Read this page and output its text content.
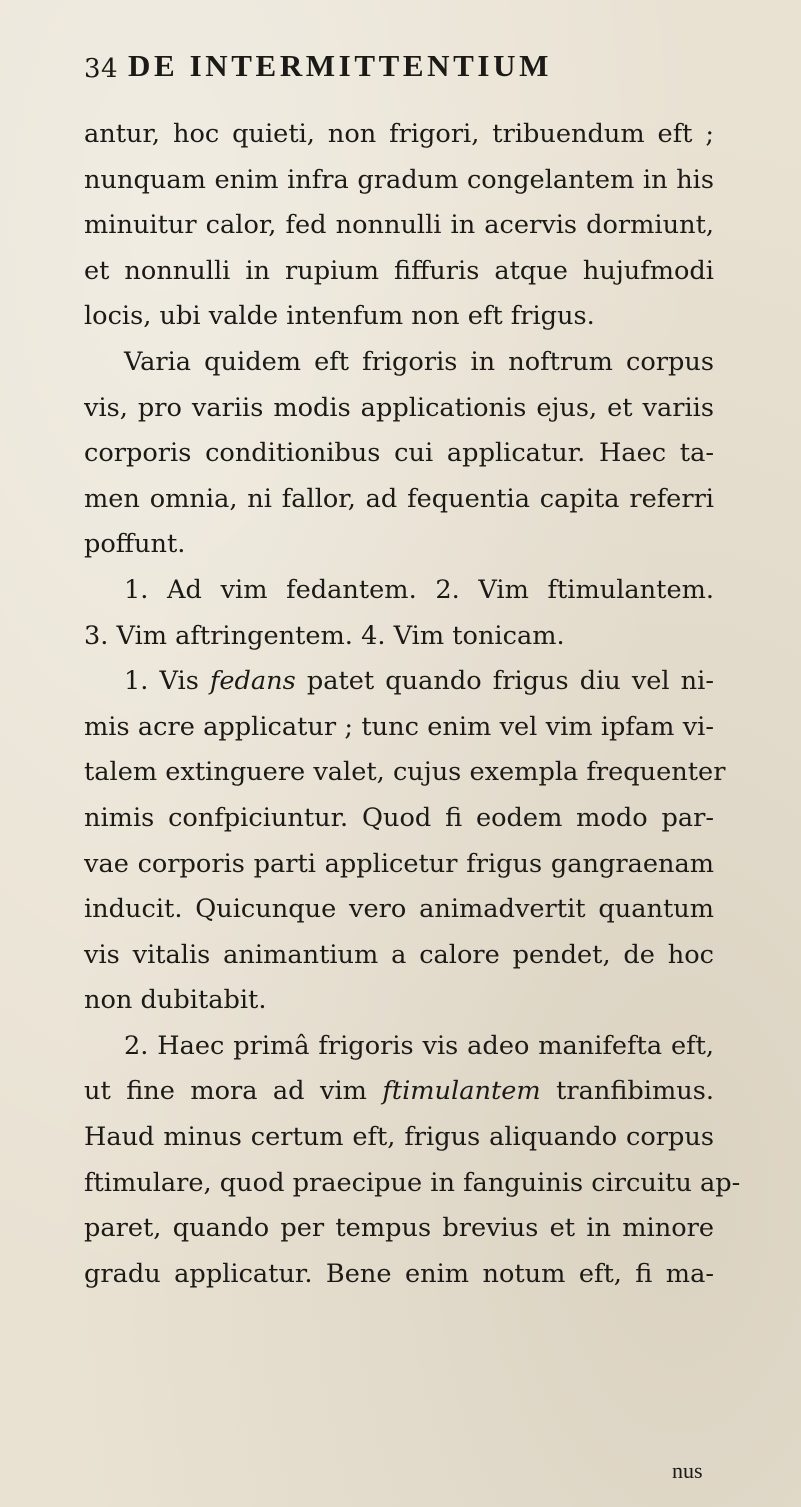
34 DE INTERMITTENTIUM
antur, hoc quieti, non frigori, tribuendum eft ;
nunquam enim infra gradum congelantem in his
minuitur calor, fed nonnulli in acervis dormiunt,
et nonnulli in rupium fiffuris atque hujufmodi
locis, ubi valde intenfum non eft frigus.
Varia quidem eft frigoris in noftrum corpus
vis, pro variis modis applicationis ejus, et variis
corporis conditionibus cui applicatur. Haec ta-
men omnia, ni fallor, ad fequentia capita referri
poffunt.
1. Ad vim fedantem. 2. Vim ftimulantem.
3. Vim aftringentem. 4. Vim tonicam.
1. Vis fedans patet quando frigus diu vel ni-
mis acre applicatur ; tunc enim vel vim ipfam vi-
talem extinguere valet, cujus exempla frequenter
nimis confpiciuntur. Quod fi eodem modo par-
vae corporis parti applicetur frigus gangraenam
inducit. Quicunque vero animadvertit quantum
vis vitalis animantium a calore pendet, de hoc
non dubitabit.
2. Haec primâ frigoris vis adeo manifefta eft,
ut fine mora ad vim ftimulantem tranfibimus.
Haud minus certum eft, frigus aliquando corpus
ftimulare, quod praecipue in fanguinis circuitu ap-
paret, quando per tempus brevius et in minore
gradu applicatur. Bene enim notum eft, fi ma-
nus
